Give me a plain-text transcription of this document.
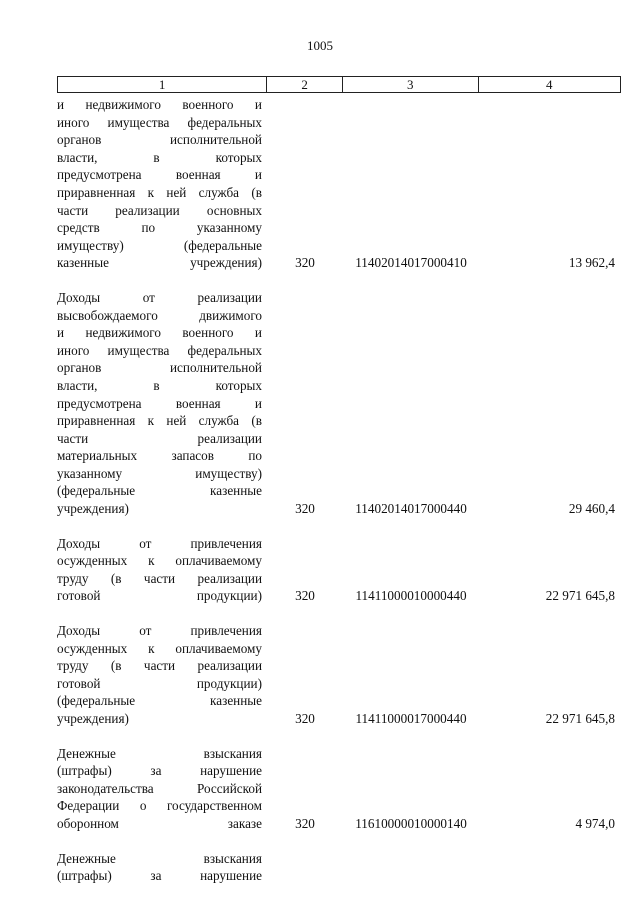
1005
1	2	3	4
и недвижимого военного и
иного имущества федеральных
органов исполнительной
власти, в которых
предусмотрена военная и
приравненная к ней служба (в
части реализации основных
средств по указанному
имуществу) (федеральные
казенные учреждения)	320	11402014017000410	13 962,4
Доходы от реализации
высвобождаемого движимого
и недвижимого военного и
иного имущества федеральных
органов исполнительной
власти, в которых
предусмотрена военная и
приравненная к ней служба (в
части реализации
материальных запасов по
указанному имуществу)
(федеральные казенные
учреждения)	320	11402014017000440	29 460,4
Доходы от привлечения
осужденных к оплачиваемому
труду (в части реализации
готовой продукции)	320	11411000010000440	22 971 645,8
Доходы от привлечения
осужденных к оплачиваемому
труду (в части реализации
готовой продукции)
(федеральные казенные
учреждения)	320	11411000017000440	22 971 645,8
Денежные взыскания
(штрафы) за нарушение
законодательства Российской
Федерации о государственном
оборонном заказе	320	11610000010000140	4 974,0
Денежные взыскания
(штрафы) за нарушение
